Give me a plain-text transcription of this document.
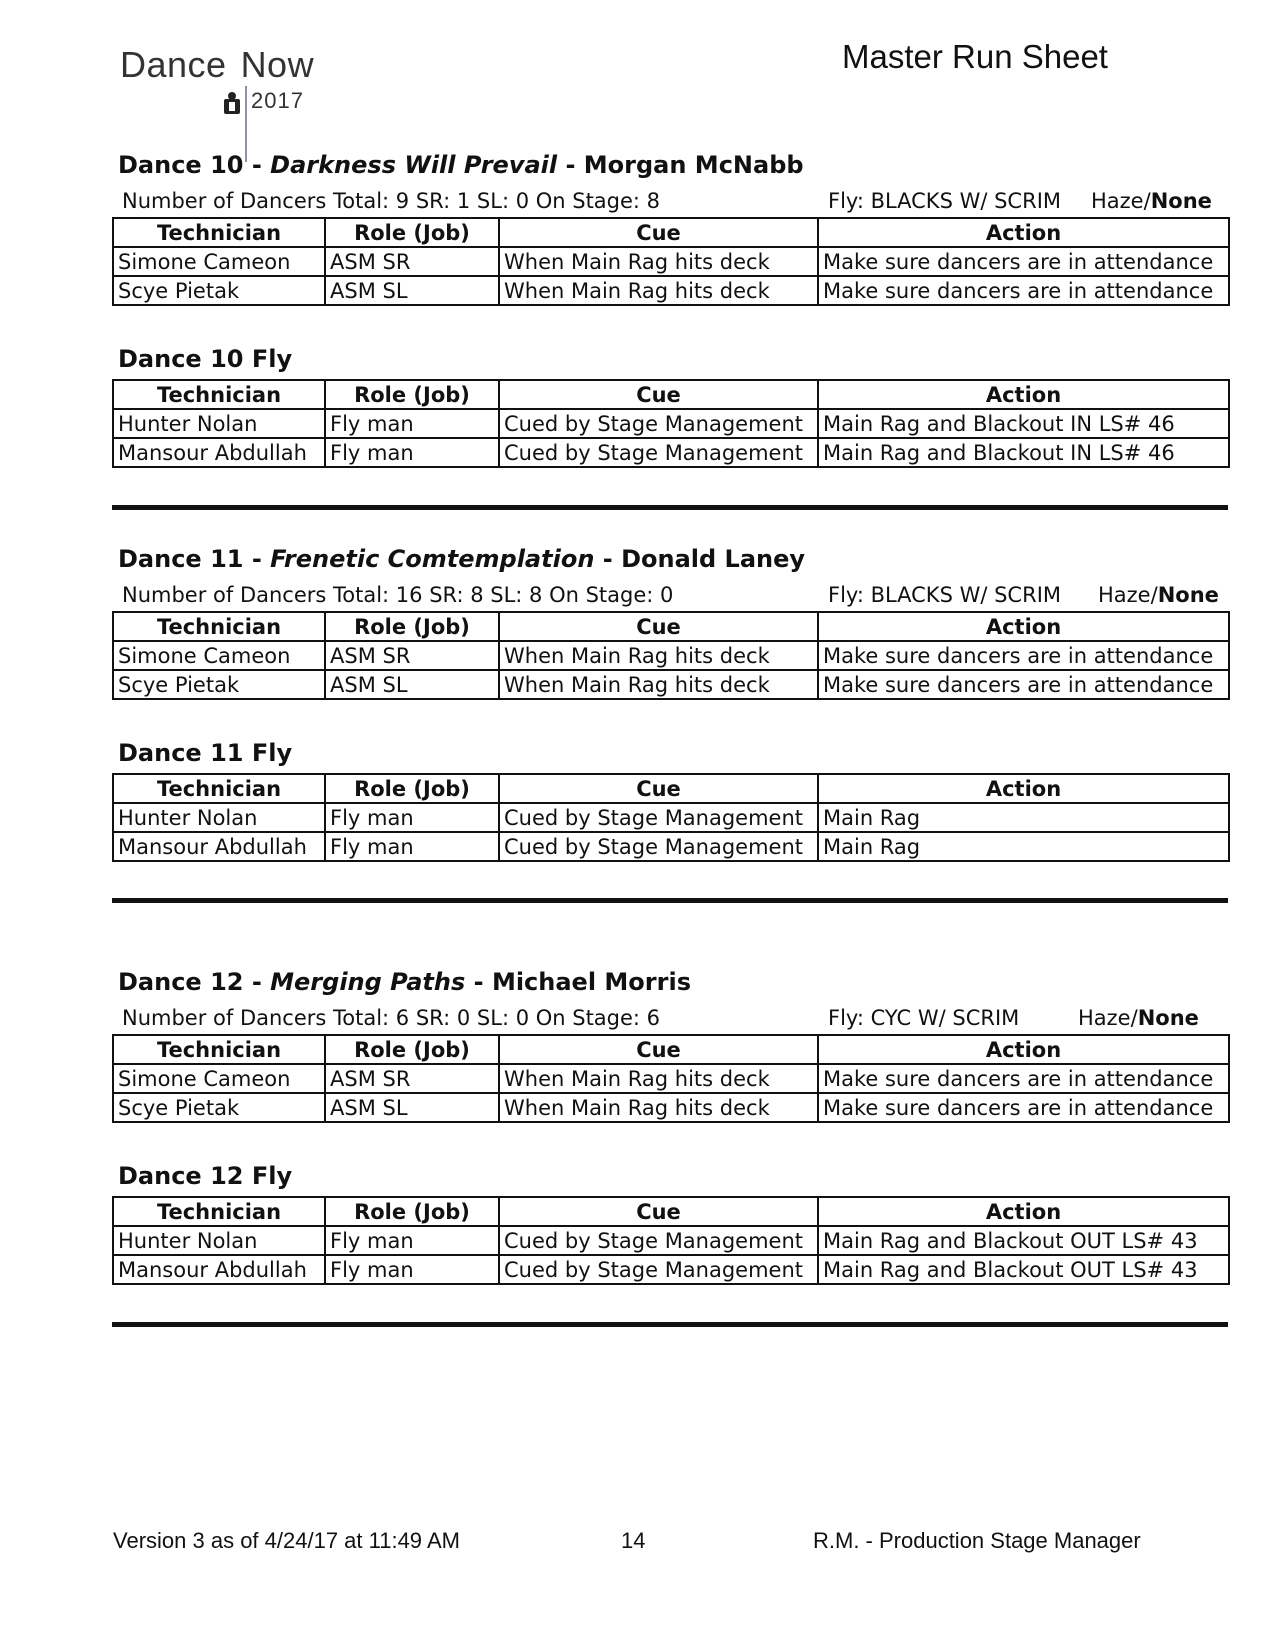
Dance Now
2017
Master Run Sheet
Dance 10 - Darkness Will Prevail - Morgan McNabb
Number of Dancers Total: 9 SR: 1 SL: 0 On Stage: 8	Fly: BLACKS W/ SCRIM Haze/None
Technician	Role (Job)	Cue	Action
Simone Cameon	ASM SR	When Main Rag hits deck	Make sure dancers are in attendance
Scye Pietak	ASM SL	When Main Rag hits deck	Make sure dancers are in attendance
Dance 10 Fly
Technician	Role (Job)	Cue	Action
Hunter Nolan	Fly man	Cued by Stage Management	Main Rag and Blackout IN LS# 46
Mansour Abdullah	Fly man	Cued by Stage Management	Main Rag and Blackout IN LS# 46
Dance 11 - Frenetic Comtemplation - Donald Laney
Number of Dancers Total: 16 SR: 8 SL: 8 On Stage: 0	Fly: BLACKS W/ SCRIM Haze/None
Technician	Role (Job)	Cue	Action
Simone Cameon	ASM SR	When Main Rag hits deck	Make sure dancers are in attendance
Scye Pietak	ASM SL	When Main Rag hits deck	Make sure dancers are in attendance
Dance 11 Fly
Technician	Role (Job)	Cue	Action
Hunter Nolan	Fly man	Cued by Stage Management	Main Rag
Mansour Abdullah	Fly man	Cued by Stage Management	Main Rag
Dance 12 - Merging Paths - Michael Morris
Number of Dancers Total: 6 SR: 0 SL: 0 On Stage: 6	Fly: CYC W/ SCRIM	Haze/None
Technician	Role (Job)	Cue	Action
Simone Cameon	ASM SR	When Main Rag hits deck	Make sure dancers are in attendance
Scye Pietak	ASM SL	When Main Rag hits deck	Make sure dancers are in attendance
Dance 12 Fly
Technician	Role (Job)	Cue	Action
Hunter Nolan	Fly man	Cued by Stage Management	Main Rag and Blackout OUT LS# 43
Mansour Abdullah	Fly man	Cued by Stage Management	Main Rag and Blackout OUT LS# 43
Version 3 as of 4/24/17 at 11:49 AM	14	R.M. - Production Stage Manager
